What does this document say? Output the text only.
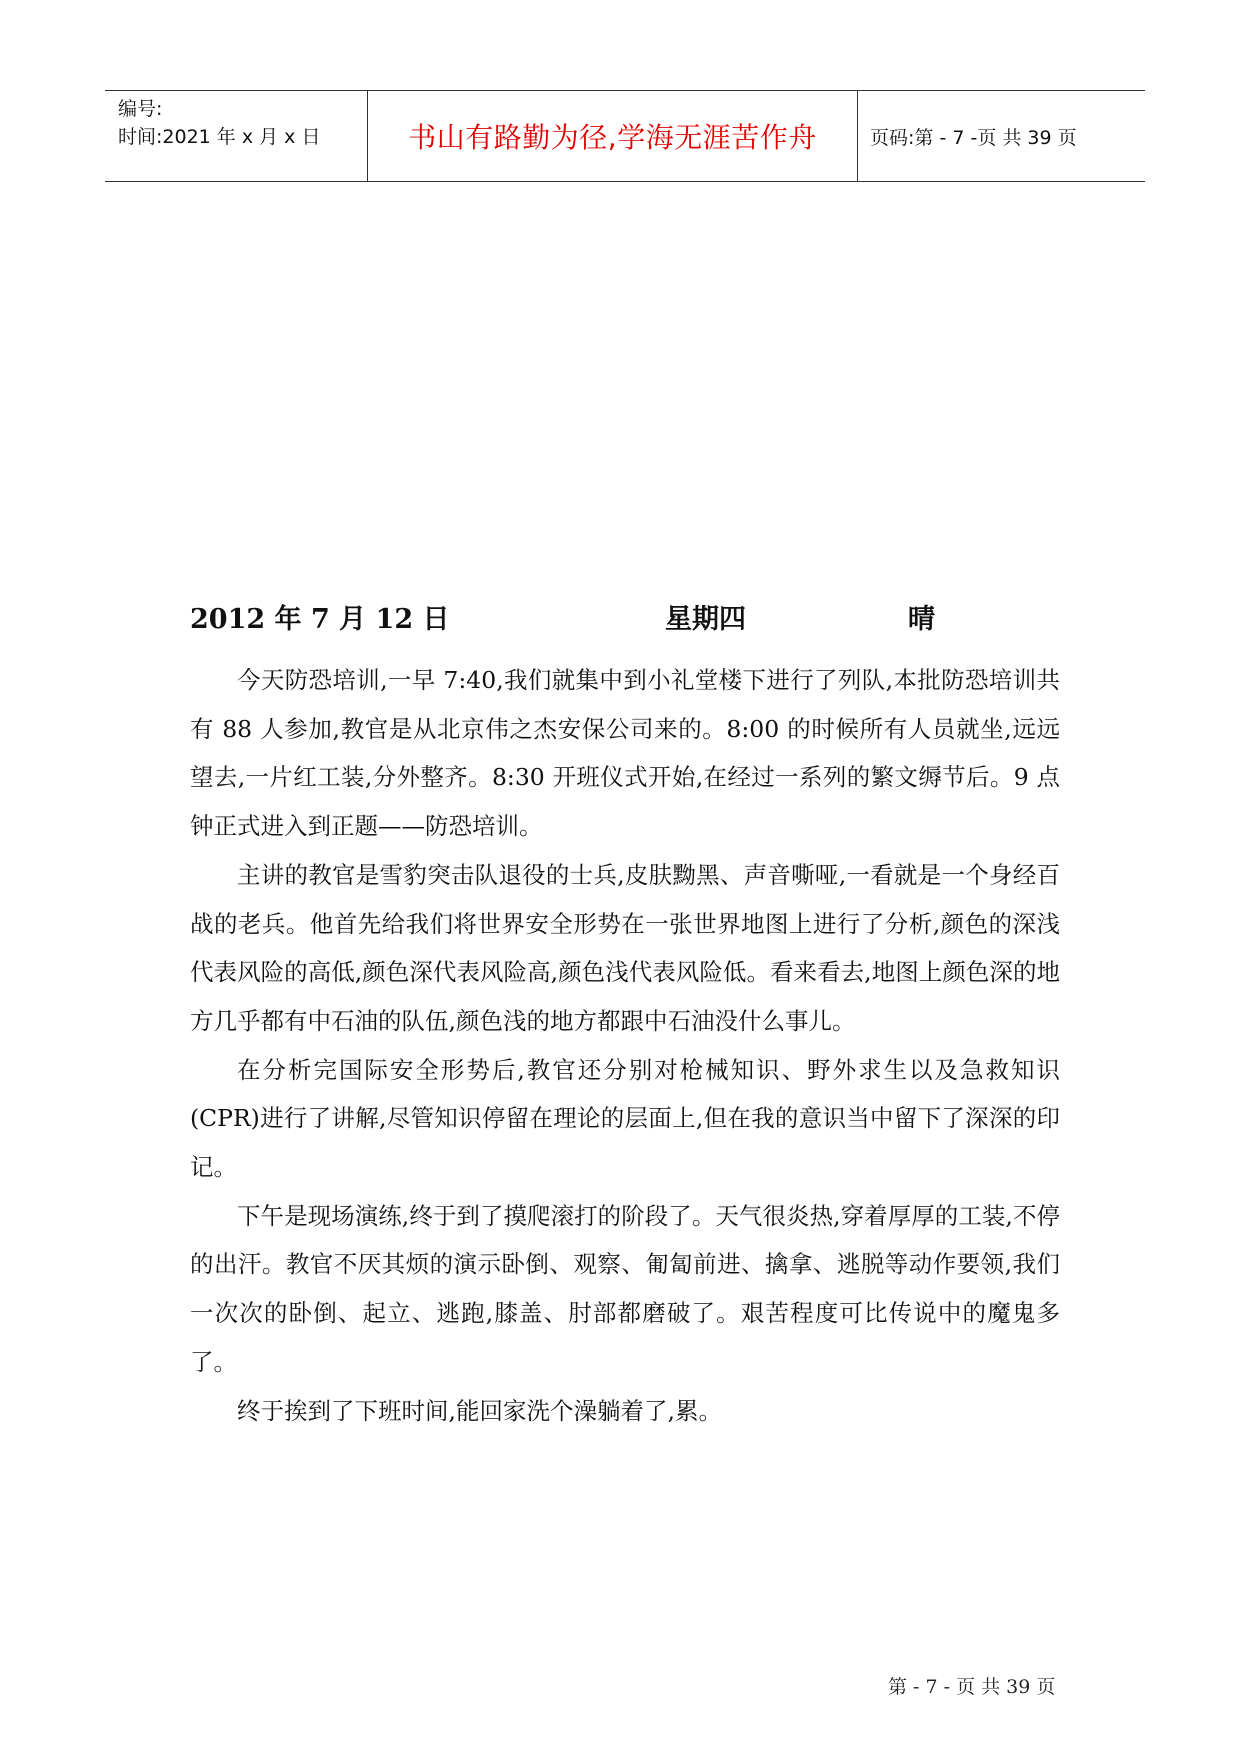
编号:
时间:2021 年 x 月 x 日	书山有路勤为径,学海无涯苦作舟	页码:第 - 7 -页 共 39 页
2012 年 7 月 12 日	星期四	晴

今天防恐培训,一早 7:40,我们就集中到小礼堂楼下进行了列队,本批防恐培训共有 88 人参加,教官是从北京伟之杰安保公司来的。8:00 的时候所有人员就坐,远远望去,一片红工装,分外整齐。8:30 开班仪式开始,在经过一系列的繁文缛节后。9 点钟正式进入到正题——防恐培训。

主讲的教官是雪豹突击队退役的士兵,皮肤黝黑、声音嘶哑,一看就是一个身经百战的老兵。他首先给我们将世界安全形势在一张世界地图上进行了分析,颜色的深浅代表风险的高低,颜色深代表风险高,颜色浅代表风险低。看来看去,地图上颜色深的地方几乎都有中石油的队伍,颜色浅的地方都跟中石油没什么事儿。

在分析完国际安全形势后,教官还分别对枪械知识、野外求生以及急救知识(CPR)进行了讲解,尽管知识停留在理论的层面上,但在我的意识当中留下了深深的印记。

下午是现场演练,终于到了摸爬滚打的阶段了。天气很炎热,穿着厚厚的工装,不停的出汗。教官不厌其烦的演示卧倒、观察、匍匐前进、擒拿、逃脱等动作要领,我们一次次的卧倒、起立、逃跑,膝盖、肘部都磨破了。艰苦程度可比传说中的魔鬼多了。

终于挨到了下班时间,能回家洗个澡躺着了,累。

第 - 7 - 页 共 39 页
